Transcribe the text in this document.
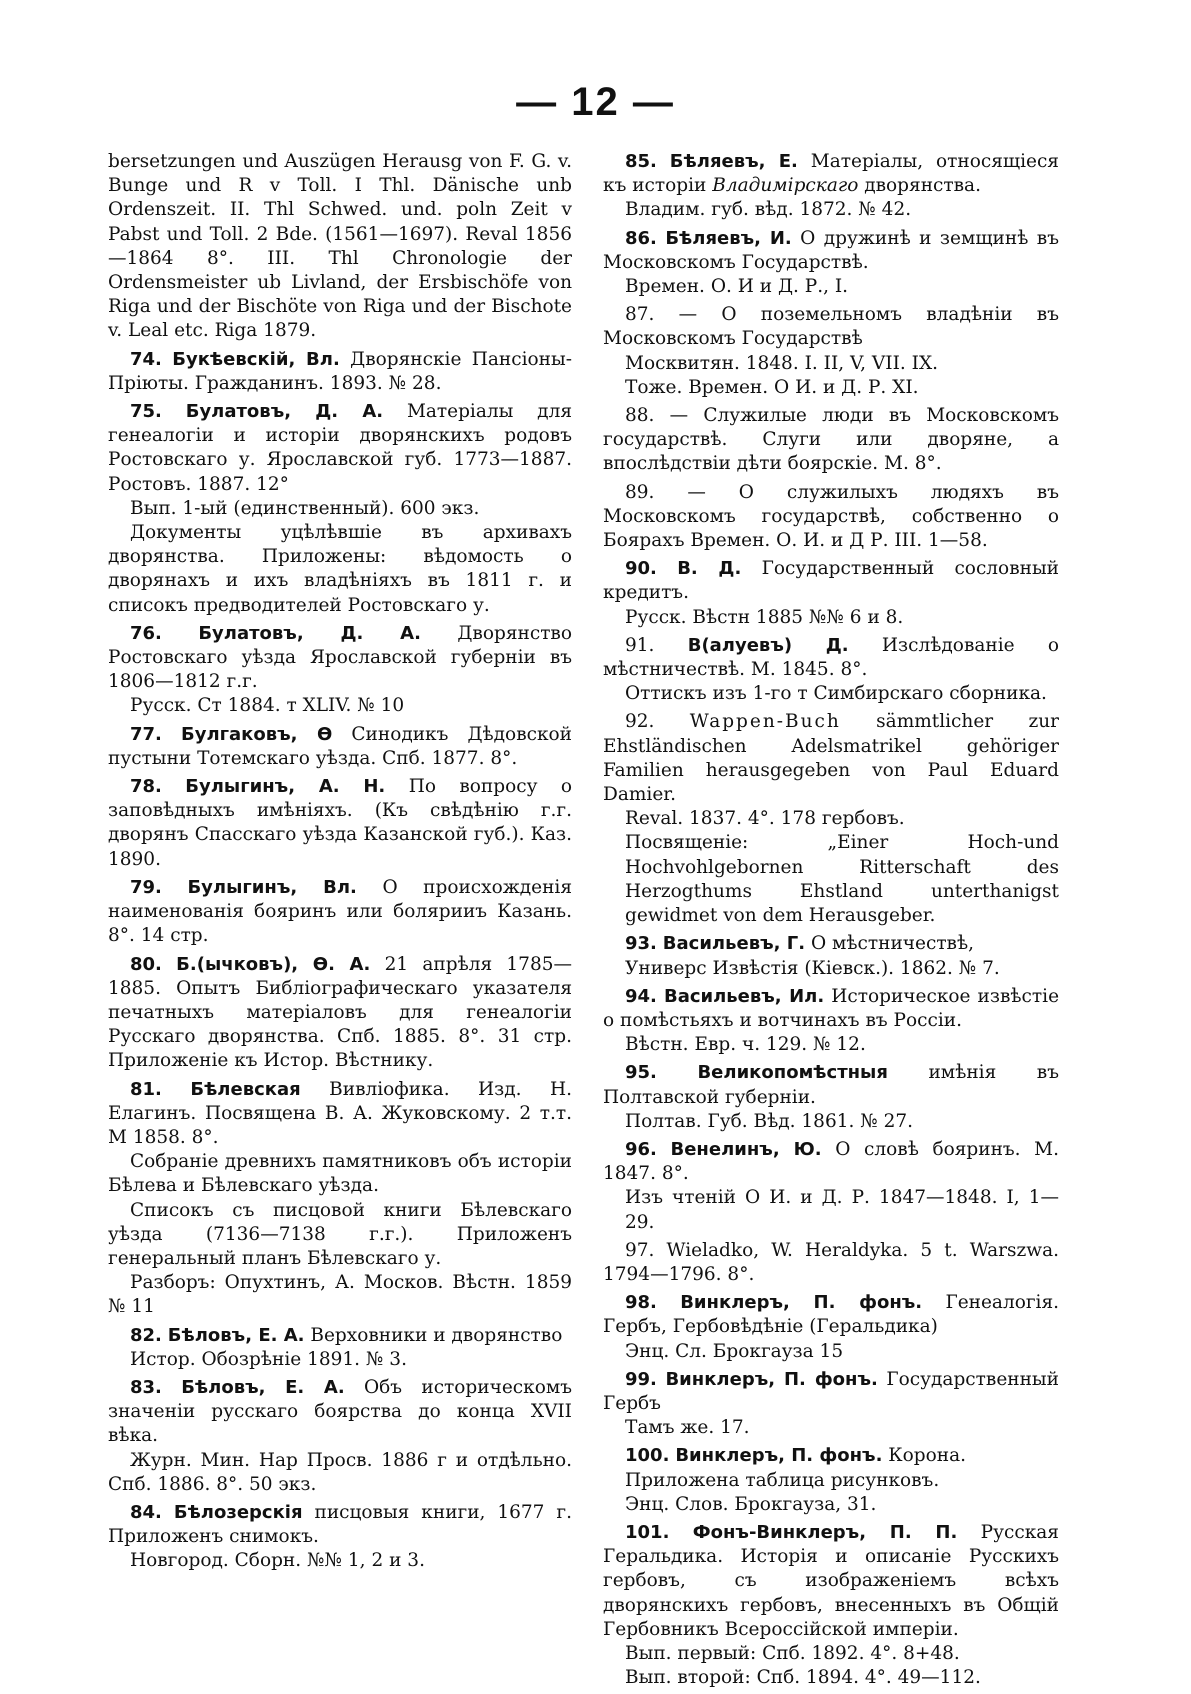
— 12 —

bersetzungen und Auszügen Herausg von F. G. v. Bunge und R v Toll. I Thl. Dänische unb Ordenszeit. II. Thl Schwed. und. poln Zeit v Pabst und Toll. 2 Bde. (1561—1697). Reval 1856—1864 8°. III. Thl Chronologie der Ordensmeister ub Livland, der Ersbischöfe von Riga und der Bischöte von Riga und der Bischote v. Leal etc. Riga 1879.

74. Букѣевскій, Вл. Дворянскіе Пансіоны-Пріюты. Гражданинъ. 1893. № 28.

75. Булатовъ, Д. А. Матеріалы для генеалогіи и исторіи дворянскихъ родовъ Ростовскаго у. Ярославской губ. 1773—1887. Ростовъ. 1887. 12°

Вып. 1-ый (единственный). 600 экз.

Документы уцѣлѣвшіе въ архивахъ дворянства. Приложены: вѣдомость о дворянахъ и ихъ владѣніяхъ въ 1811 г. и списокъ предводителей Ростовскаго у.

76. Булатовъ, Д. А. Дворянство Ростовскаго уѣзда Ярославской губерніи въ 1806—1812 г.г.

Русск. Ст 1884. т XLIV. № 10

77. Булгаковъ, Ѳ Синодикъ Дѣдовской пустыни Тотемскаго уѣзда. Спб. 1877. 8°.

78. Булыгинъ, А. Н. По вопросу о заповѣдныхъ имѣніяхъ. (Къ свѣдѣнію г.г. дворянъ Спасскаго уѣзда Казанской губ.). Каз. 1890.

79. Булыгинъ, Вл. О происхожденія наименованія бояринъ или болярииъ Казань. 8°. 14 стр.

80. Б.(ычковъ), Ѳ. А. 21 апрѣля 1785—1885. Опытъ Библіографическаго указателя печатныхъ матеріаловъ для генеалогіи Русскаго дворянства. Спб. 1885. 8°. 31 стр. Приложеніе къ Истор. Вѣстнику.

81. Бѣлевская Вивліофика. Изд. Н. Елагинъ. Посвящена В. А. Жуковскому. 2 т.т. М 1858. 8°.

Собраніе древнихъ памятниковъ объ исторіи Бѣлева и Бѣлевскаго уѣзда.

Списокъ съ писцовой книги Бѣлевскаго уѣзда (7136—7138 г.г.). Приложенъ генеральный планъ Бѣлевскаго у.

Разборъ: Опухтинъ, А. Москов. Вѣстн. 1859 № 11

82. Бѣловъ, Е. А. Верховники и дворянство

Истор. Обозрѣніе 1891. № 3.

83. Бѣловъ, Е. А. Объ историческомъ значеніи русскаго боярства до конца XVII вѣка.

Журн. Мин. Нар Просв. 1886 г и отдѣльно. Спб. 1886. 8°. 50 экз.

84. Бѣлозерскія писцовыя книги, 1677 г. Приложенъ снимокъ.

Новгород. Сборн. №№ 1, 2 и 3.

85. Бѣляевъ, Е. Матеріалы, относящіеся къ исторіи Владимірскаго дворянства.

Владим. губ. вѣд. 1872. № 42.

86. Бѣляевъ, И. О дружинѣ и земщинѣ въ Московскомъ Государствѣ.

Времен. О. И и Д. Р., I.

87. — О поземельномъ владѣніи въ Московскомъ Государствѣ

Москвитян. 1848. I. II, V, VII. IX.

Тоже. Времен. О И. и Д. Р. XI.

88. — Служилые люди въ Московскомъ государствѣ. Слуги или дворяне, а впослѣдствіи дѣти боярскіе. М. 8°.

89. — О служилыхъ людяхъ въ Московскомъ государствѣ, собственно о Боярахъ Времен. О. И. и Д Р. III. 1—58.

90. В. Д. Государственный сословный кредитъ.

Русск. Вѣстн 1885 №№ 6 и 8.

91. В(алуевъ) Д. Изслѣдованіе о мѣстничествѣ. М. 1845. 8°.

Оттискъ изъ 1-го т Симбирскаго сборника.

92. Wappen-Buch sämmtlicher zur Ehstländischen Adelsmatrikel gehöriger Familien herausgegeben von Paul Eduard Damier.

Reval. 1837. 4°. 178 гербовъ.

Посвященіе: „Einer Hoch-und Hochvohlgebornen Ritterschaft des Herzogthums Ehstland unterthanigst gewidmet von dem Herausgeber.

93. Васильевъ, Г. О мѣстничествѣ,

Универс Извѣстія (Кіевск.). 1862. № 7.

94. Васильевъ, Ил. Историческое извѣстіе о помѣстьяхъ и вотчинахъ въ Россіи.

Вѣстн. Евр. ч. 129. № 12.

95. Великопомѣстныя имѣнія въ Полтавской губерніи.

Полтав. Губ. Вѣд. 1861. № 27.

96. Венелинъ, Ю. О словѣ бояринъ. М. 1847. 8°.

Изъ чтеній О И. и Д. Р. 1847—1848. I, 1—29.

97. Wieladko, W. Heraldyka. 5 t. Warszwa. 1794—1796. 8°.

98. Винклеръ, П. фонъ. Генеалогія. Гербъ, Гербовѣдѣніе (Геральдика)

Энц. Сл. Брокгауза 15

99. Винклеръ, П. фонъ. Государственный Гербъ

Тамъ же. 17.

100. Винклеръ, П. фонъ. Корона.

Приложена таблица рисунковъ.

Энц. Слов. Брокгауза, 31.

101. Фонъ-Винклеръ, П. П. Русская Геральдика. Исторія и описаніе Русскихъ гербовъ, съ изображеніемъ всѣхъ дворянскихъ гербовъ, внесенныхъ въ Общій Гербовникъ Всероссійской имперіи.

Вып. первый: Спб. 1892. 4°. 8+48.

Вып. второй: Спб. 1894. 4°. 49—112.
